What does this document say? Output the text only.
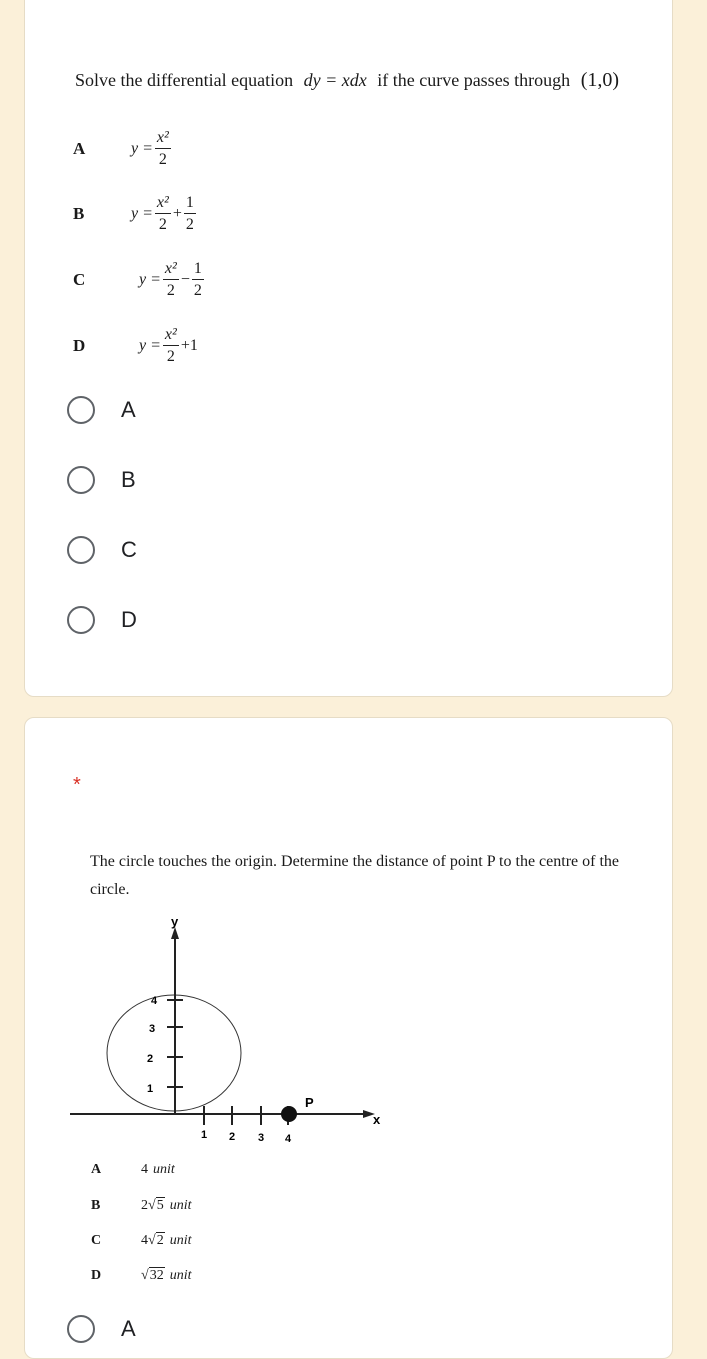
Solve the differential equation dy = xdx if the curve passes through (1,0)
A	$y = \frac{\text{x²}}{2}$
B	$y = \frac{\text{x²}}{2} + \frac{1}{2}$
C	$y = \frac{\text{x²}}{2} - \frac{1}{2}$
D	$y = \frac{\text{x²}}{2} +1$
A
B
C
D
*
The circle touches the origin. Determine the distance of point P to the centre of the circle.
y
x
1
2
3
4
1 2 3 4
P
A	4 unit
B	2 √ 5 unit
C	4 √ 2 unit
D	√ 32 unit
A
